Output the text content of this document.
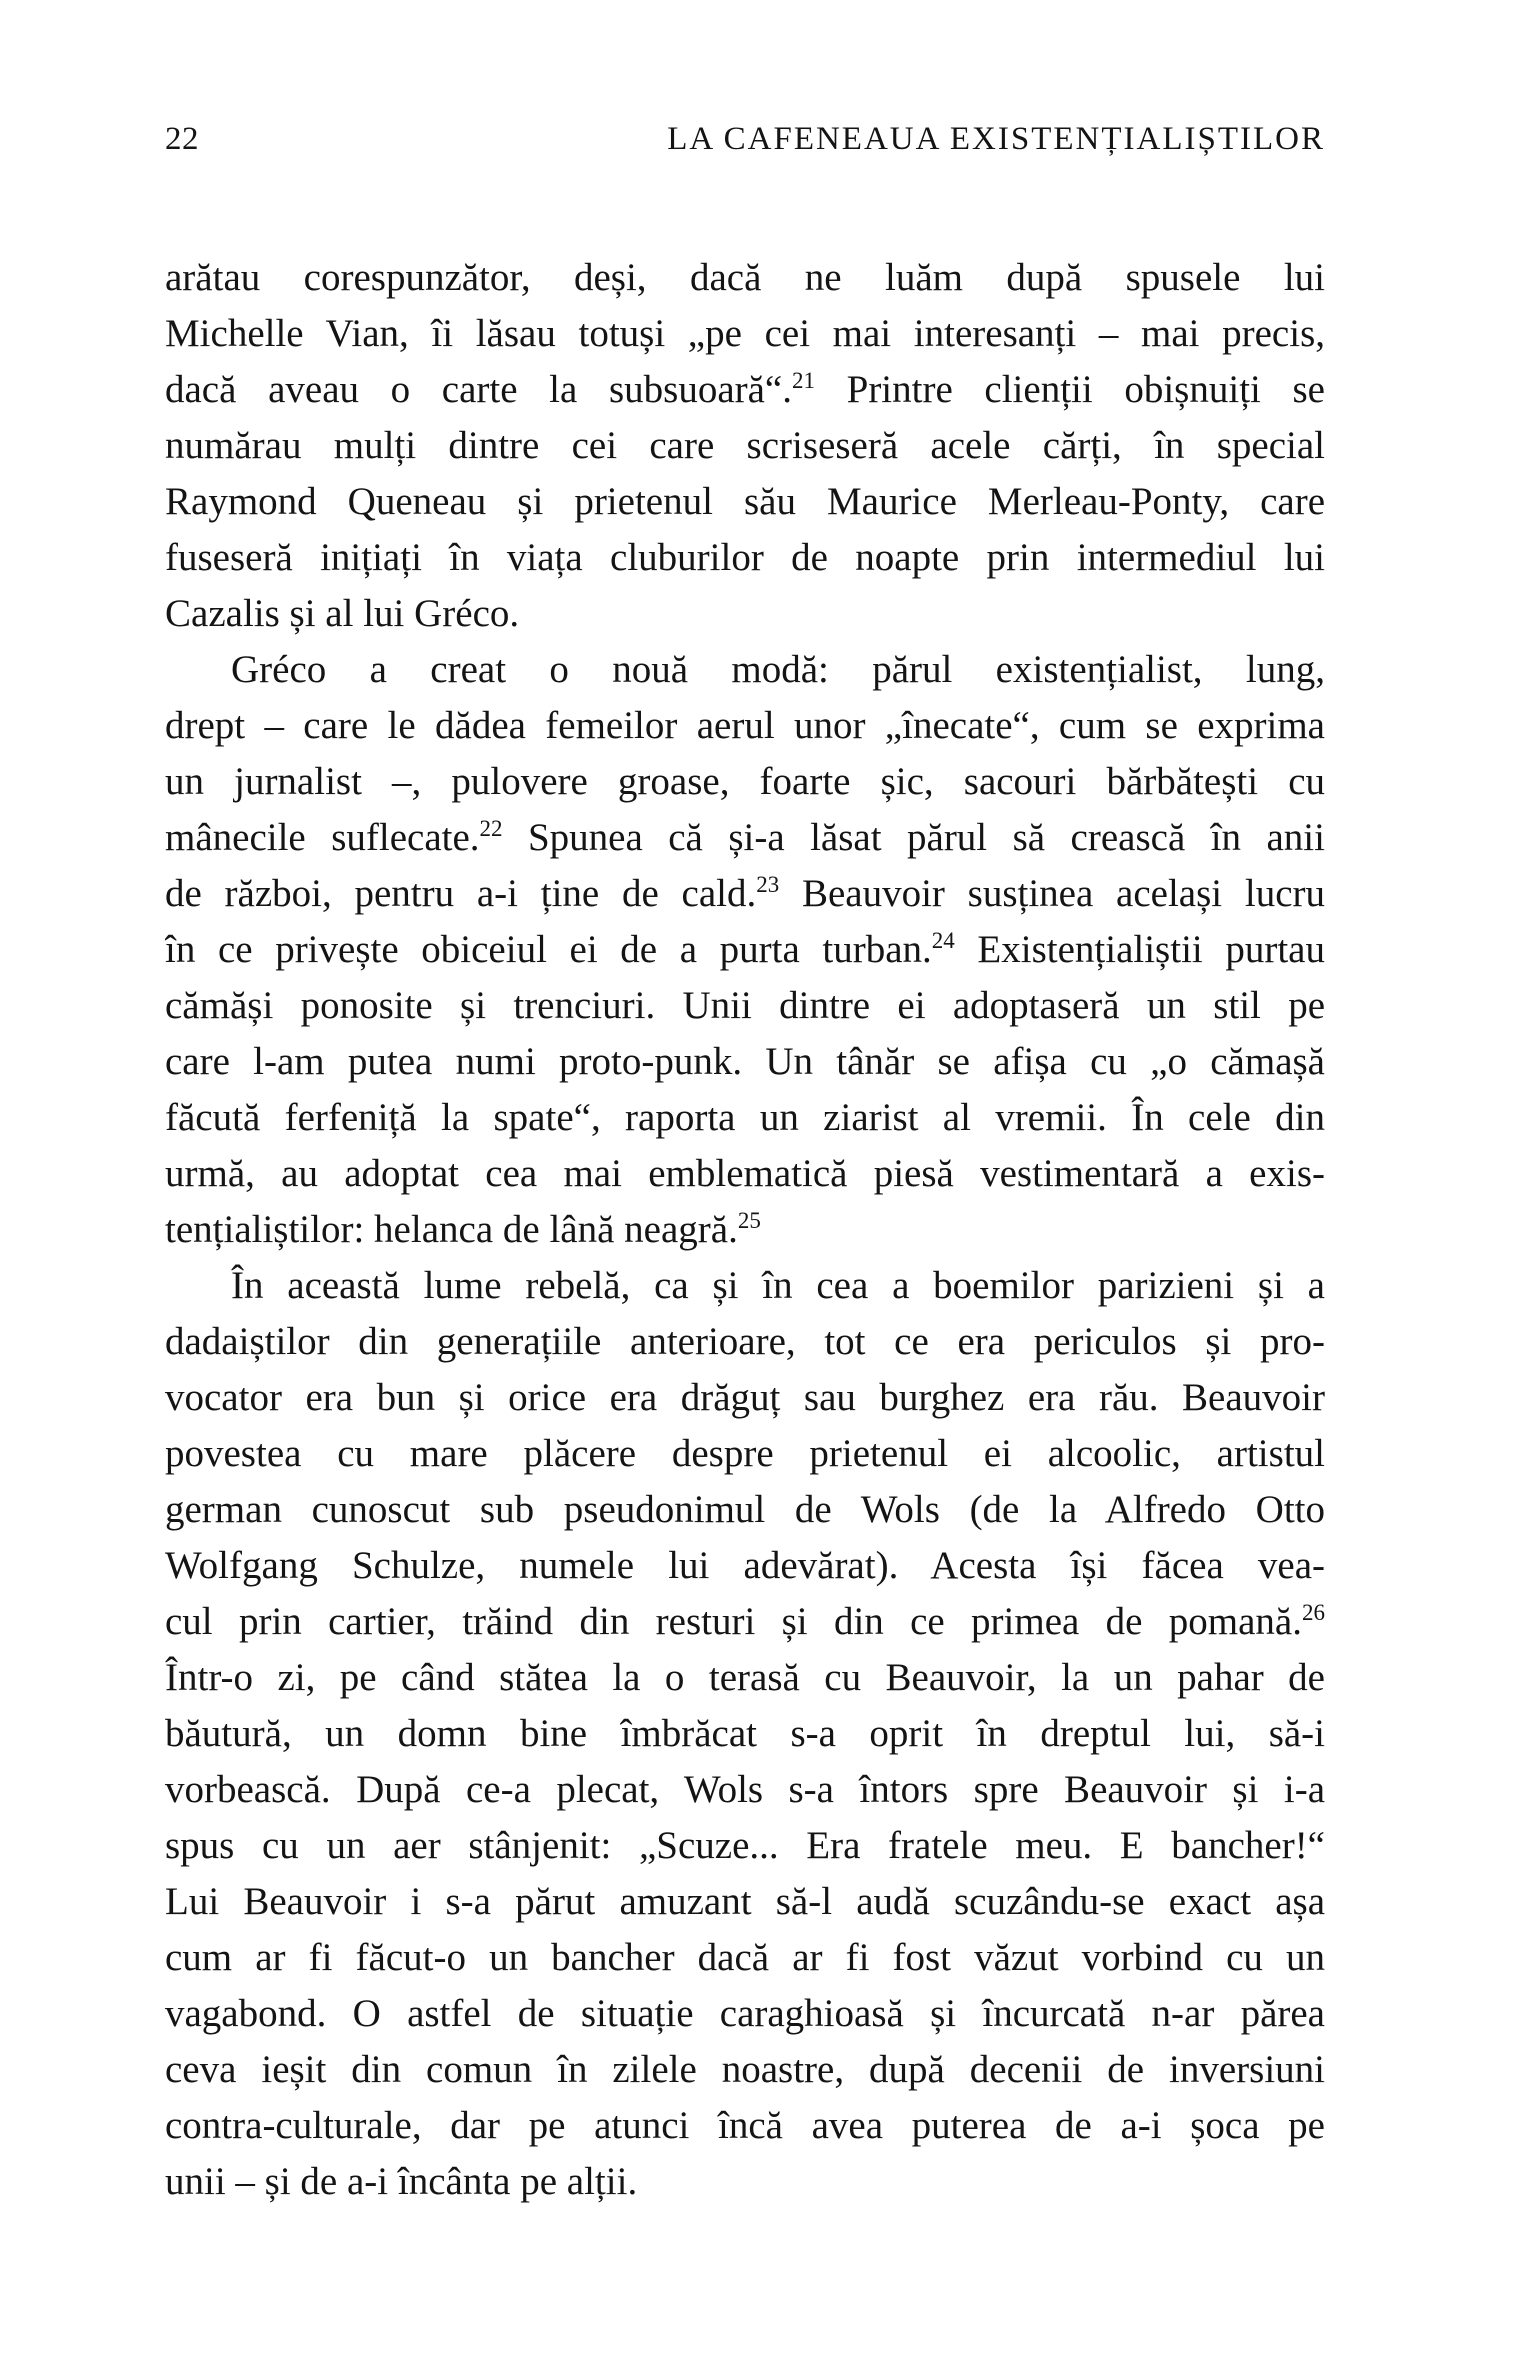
22	LA CAFENEAUA EXISTENȚIALIȘTILOR
arătau corespunzător, deși, dacă ne luăm după spusele lui
Michelle Vian, îi lăsau totuși „pe cei mai interesanți – mai precis,
dacă aveau o carte la subsuoară“.$^{21}$ Printre clienții obișnuiți se
numărau mulți dintre cei care scriseseră acele cărți, în special
Raymond Queneau și prietenul său Maurice Merleau-Ponty, care
fuseseră inițiați în viața cluburilor de noapte prin intermediul lui
Cazalis și al lui Gréco.
Gréco a creat o nouă modă: părul existențialist, lung,
drept – care le dădea femeilor aerul unor „înecate“, cum se exprima
un jurnalist –, pulovere groase, foarte șic, sacouri bărbătești cu
mânecile suflecate.$^{22}$ Spunea că și-a lăsat părul să crească în anii
de război, pentru a-i ține de cald.$^{23}$ Beauvoir susținea același lucru
în ce privește obiceiul ei de a purta turban.$^{24}$ Existențialiștii purtau
cămăși ponosite și trenciuri. Unii dintre ei adoptaseră un stil pe
care l-am putea numi proto-punk. Un tânăr se afișa cu „o cămașă
făcută ferfeniță la spate“, raporta un ziarist al vremii. În cele din
urmă, au adoptat cea mai emblematică piesă vestimentară a exis-
tențialiștilor: helanca de lână neagră.$^{25}$
În această lume rebelă, ca și în cea a boemilor parizieni și a
dadaiștilor din generațiile anterioare, tot ce era periculos și pro-
vocator era bun și orice era drăguț sau burghez era rău. Beauvoir
povestea cu mare plăcere despre prietenul ei alcoolic, artistul
german cunoscut sub pseudonimul de Wols (de la Alfredo Otto
Wolfgang Schulze, numele lui adevărat). Acesta își făcea vea-
cul prin cartier, trăind din resturi și din ce primea de pomană.$^{26}$
Într-o zi, pe când stătea la o terasă cu Beauvoir, la un pahar de
băutură, un domn bine îmbrăcat s-a oprit în dreptul lui, să-i
vorbească. După ce-a plecat, Wols s-a întors spre Beauvoir și i-a
spus cu un aer stânjenit: „Scuze... Era fratele meu. E bancher!“
Lui Beauvoir i s-a părut amuzant să-l audă scuzându-se exact așa
cum ar fi făcut-o un bancher dacă ar fi fost văzut vorbind cu un
vagabond. O astfel de situație caraghioasă și încurcată n-ar părea
ceva ieșit din comun în zilele noastre, după decenii de inversiuni
contra-culturale, dar pe atunci încă avea puterea de a-i șoca pe
unii – și de a-i încânta pe alții.
